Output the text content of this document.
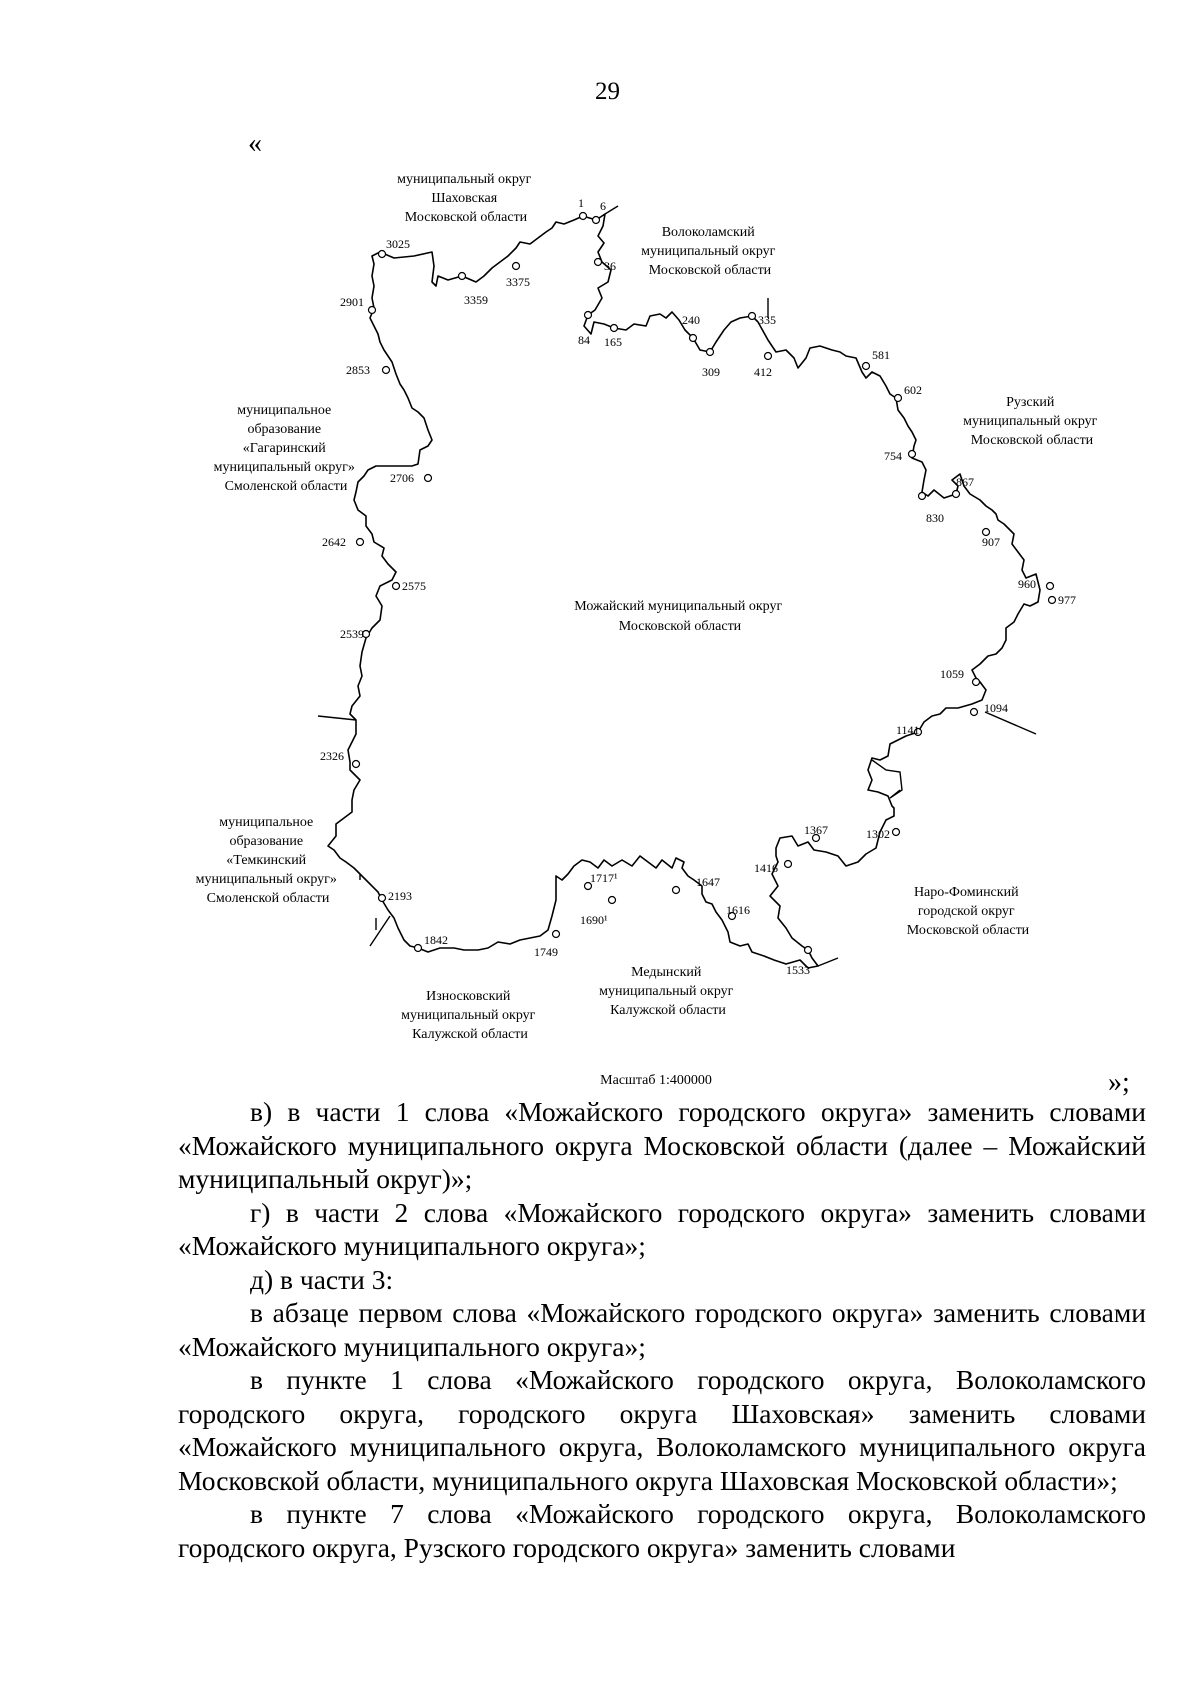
29
«
1 6
36
84 165
240
309
335
412
581
602
754
867
830
907
960
977
1059
1094
1141
1302
1367
1416
1533
1616
1647
1717¹
1690¹
1749
1842
2193
2326
2539
2575
2642
2706
2853
2901
3025
3359
3375
муниципальный округ Шаховская Московской области
Волоколамский муниципальный округ Московской области
Рузский муниципальный округ Московской области
муниципальное образование «Гагаринский муниципальный округ» Смоленской области
Можайский муниципальный округ Московской области
муниципальное образование «Темкинский муниципальный округ» Смоленской области	Наро-Фоминский городской округ Московской области
Медынский муниципальный округ Калужской области
Износковский муниципальный округ Калужской области
Масштаб 1:400000	»;

в) в части 1 слова «Можайского городского округа» заменить словами «Можайского муниципального округа Московской области (далее – Можайский муниципальный округ)»;

г) в части 2 слова «Можайского городского округа» заменить словами «Можайского муниципального округа»;

д) в части 3:

в абзаце первом слова «Можайского городского округа» заменить словами «Можайского муниципального округа»;

в пункте 1 слова «Можайского городского округа, Волоколамского городского округа, городского округа Шаховская» заменить словами «Можайского муниципального округа, Волоколамского муниципального округа Московской области, муниципального округа Шаховская Московской области»;

в пункте 7 слова «Можайского городского округа, Волоколамского городского округа, Рузского городского округа» заменить словами
